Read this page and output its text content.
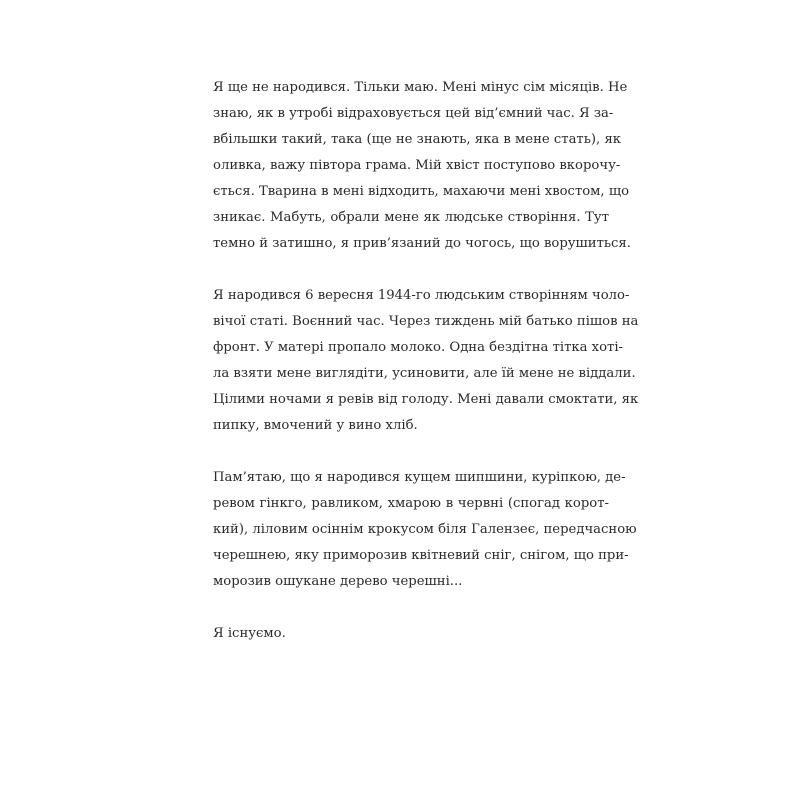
Я ще не народився. Тільки маю. Мені мінус сім місяців. Не
знаю, як в утробі відраховується цей від’ємний час. Я за-
вбільшки такий, така (ще не знають, яка в мене стать), як
оливка, важу півтора грама. Мій хвіст поступово вкорочу-
ється. Тварина в мені відходить, махаючи мені хвостом, що
зникає. Мабуть, обрали мене як людське створіння. Тут
темно й затишно, я прив’язаний до чогось, що ворушиться.

Я народився 6 вересня 1944-го людським створінням чоло-
вічої статі. Воєнний час. Через тиждень мій батько пішов на
фронт. У матері пропало молоко. Одна бездітна тітка хоті-
ла взяти мене виглядіти, усиновити, але їй мене не віддали.
Цілими ночами я ревів від голоду. Мені давали смоктати, як
пипку, вмочений у вино хліб.

Пам’ятаю, що я народився кущем шипшини, куріпкою, де-
ревом гінкго, равликом, хмарою в червні (спогад корот-
кий), ліловим осіннім крокусом біля Галензеє, передчасною
черешнею, яку приморозив квітневий сніг, снігом, що при-
морозив ошуканe дерево черешні...

Я існуємо.
